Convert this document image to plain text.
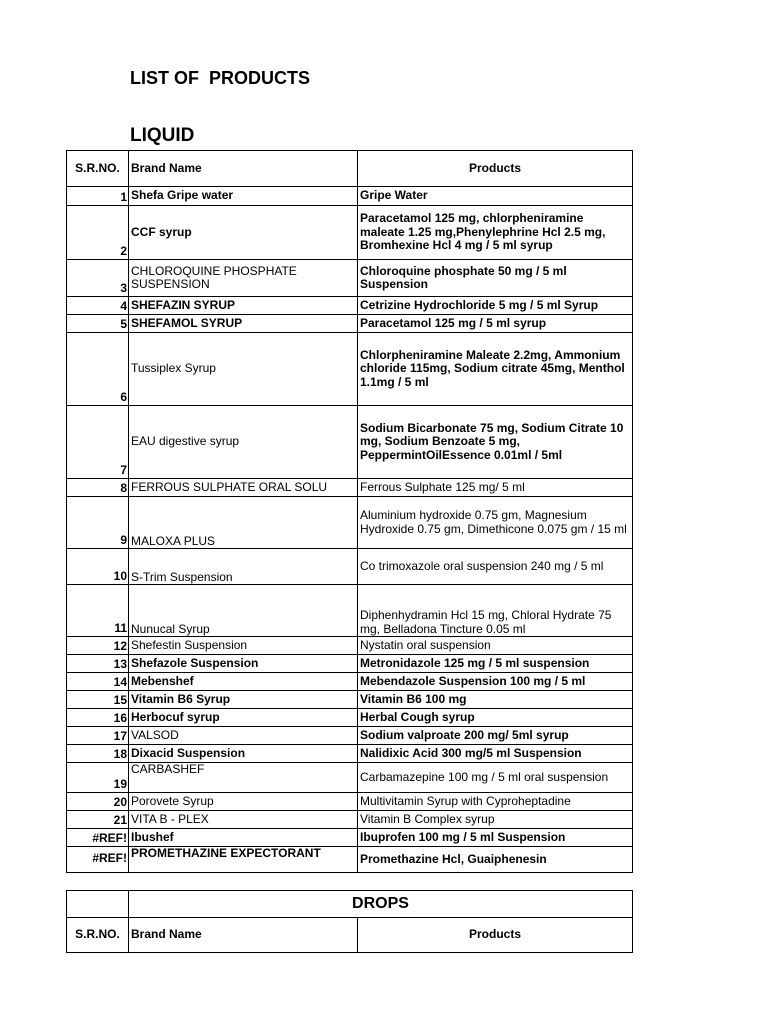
LIST OF  PRODUCTS
LIQUID
S.R.NO.	Brand Name	Products
1	Shefa Gripe water	Gripe Water
2	CCF syrup	Paracetamol 125 mg, chlorpheniramine maleate 1.25 mg,Phenylephrine Hcl 2.5 mg, Bromhexine Hcl 4 mg / 5 ml syrup
3	CHLOROQUINE PHOSPHATE SUSPENSION	Chloroquine phosphate 50 mg / 5 ml Suspension
4	SHEFAZIN SYRUP	Cetrizine Hydrochloride 5 mg / 5 ml Syrup
5	SHEFAMOL SYRUP	Paracetamol 125 mg / 5 ml syrup
6	Tussiplex Syrup	Chlorpheniramine Maleate 2.2mg, Ammonium chloride 115mg, Sodium citrate 45mg, Menthol 1.1mg / 5 ml
7	EAU digestive syrup	Sodium Bicarbonate 75 mg, Sodium Citrate 10 mg, Sodium Benzoate 5 mg, PeppermintOilEssence 0.01ml / 5ml
8	FERROUS SULPHATE ORAL SOLU	Ferrous Sulphate 125 mg/ 5 ml
9	MALOXA PLUS	Aluminium hydroxide 0.75 gm, Magnesium Hydroxide 0.75 gm, Dimethicone 0.075 gm / 15 ml
10	S-Trim Suspension	Co trimoxazole oral suspension 240 mg / 5 ml
11	Nunucal Syrup	Diphenhydramin Hcl 15 mg, Chloral Hydrate 75 mg, Belladona Tincture 0.05 ml
12	Shefestin Suspension	Nystatin oral suspension
13	Shefazole Suspension	Metronidazole 125 mg / 5 ml suspension
14	Mebenshef	Mebendazole Suspension 100 mg / 5 ml
15	Vitamin B6 Syrup	Vitamin B6 100 mg
16	Herbocuf syrup	Herbal Cough syrup
17	VALSOD	Sodium valproate 200 mg/ 5ml syrup
18	Dixacid Suspension	Nalidixic Acid 300 mg/5 ml Suspension
19	CARBASHEF	Carbamazepine 100 mg / 5 ml oral suspension
20	Porovete Syrup	Multivitamin Syrup with Cyproheptadine
21	VITA B - PLEX	Vitamin B Complex syrup
#REF!	Ibushef	Ibuprofen 100 mg / 5 ml Suspension
#REF!	PROMETHAZINE EXPECTORANT	Promethazine Hcl, Guaiphenesin
	DROPS	
S.R.NO.	Brand Name	Products
